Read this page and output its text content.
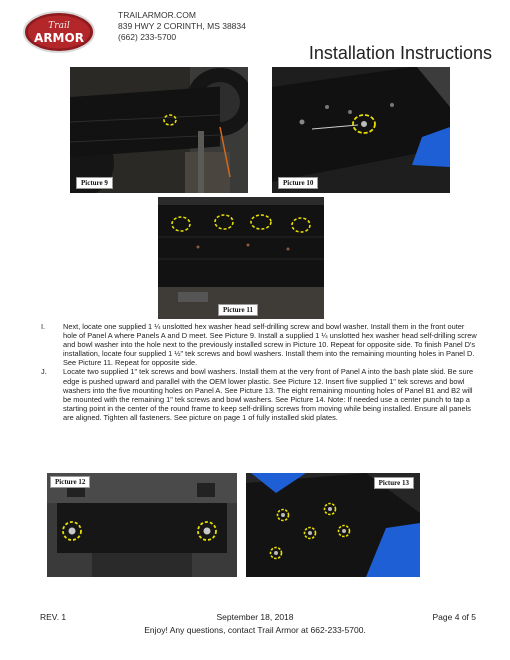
Trail
ARMOR
TRAILARMOR.COM
839 HWY 2 CORINTH, MS 38834
(662) 233-5700
Installation Instructions
Picture 9	Picture 10
Picture 11
I.	Next, locate one supplied 1 ¼ unslotted hex washer head self-drilling screw and bowl washer. Install them in the front outer hole of Panel A where Panels A and D meet. See Picture 9. Install a supplied 1 ¼ unslotted hex washer head self-drilling screw and bowl washer into the hole next to the previously installed screw in Picture 10. Repeat for opposite side. To finish Panel D's installation, locate four supplied 1 ½" tek screws and bowl washers. Install them into the remaining mounting holes in Panel D. See Picture 11. Repeat for opposite side.
J.	Locate two supplied 1" tek screws and bowl washers. Install them at the very front of Panel A into the bash plate skid. Be sure edge is pushed upward and parallel with the OEM lower plastic. See Picture 12. Insert five supplied 1" tek screws and bowl washers into the five mounting holes on Panel A. See Picture 13. The eight remaining mounting holes of Panel B1 and B2 will be mounted with the remaining 1" tek screws and bowl washers. See Picture 14. Note: If needed use a center punch to tap a starting point in the center of the round frame to keep self-drilling screws from moving while being installed. Ensure all panels are aligned. Tighten all fasteners. See picture on page 1 of fully installed skid plates.
Picture 12	Picture 13
September 18, 2018
REV. 1	Page 4 of 5
Enjoy! Any questions, contact Trail Armor at 662-233-5700.
